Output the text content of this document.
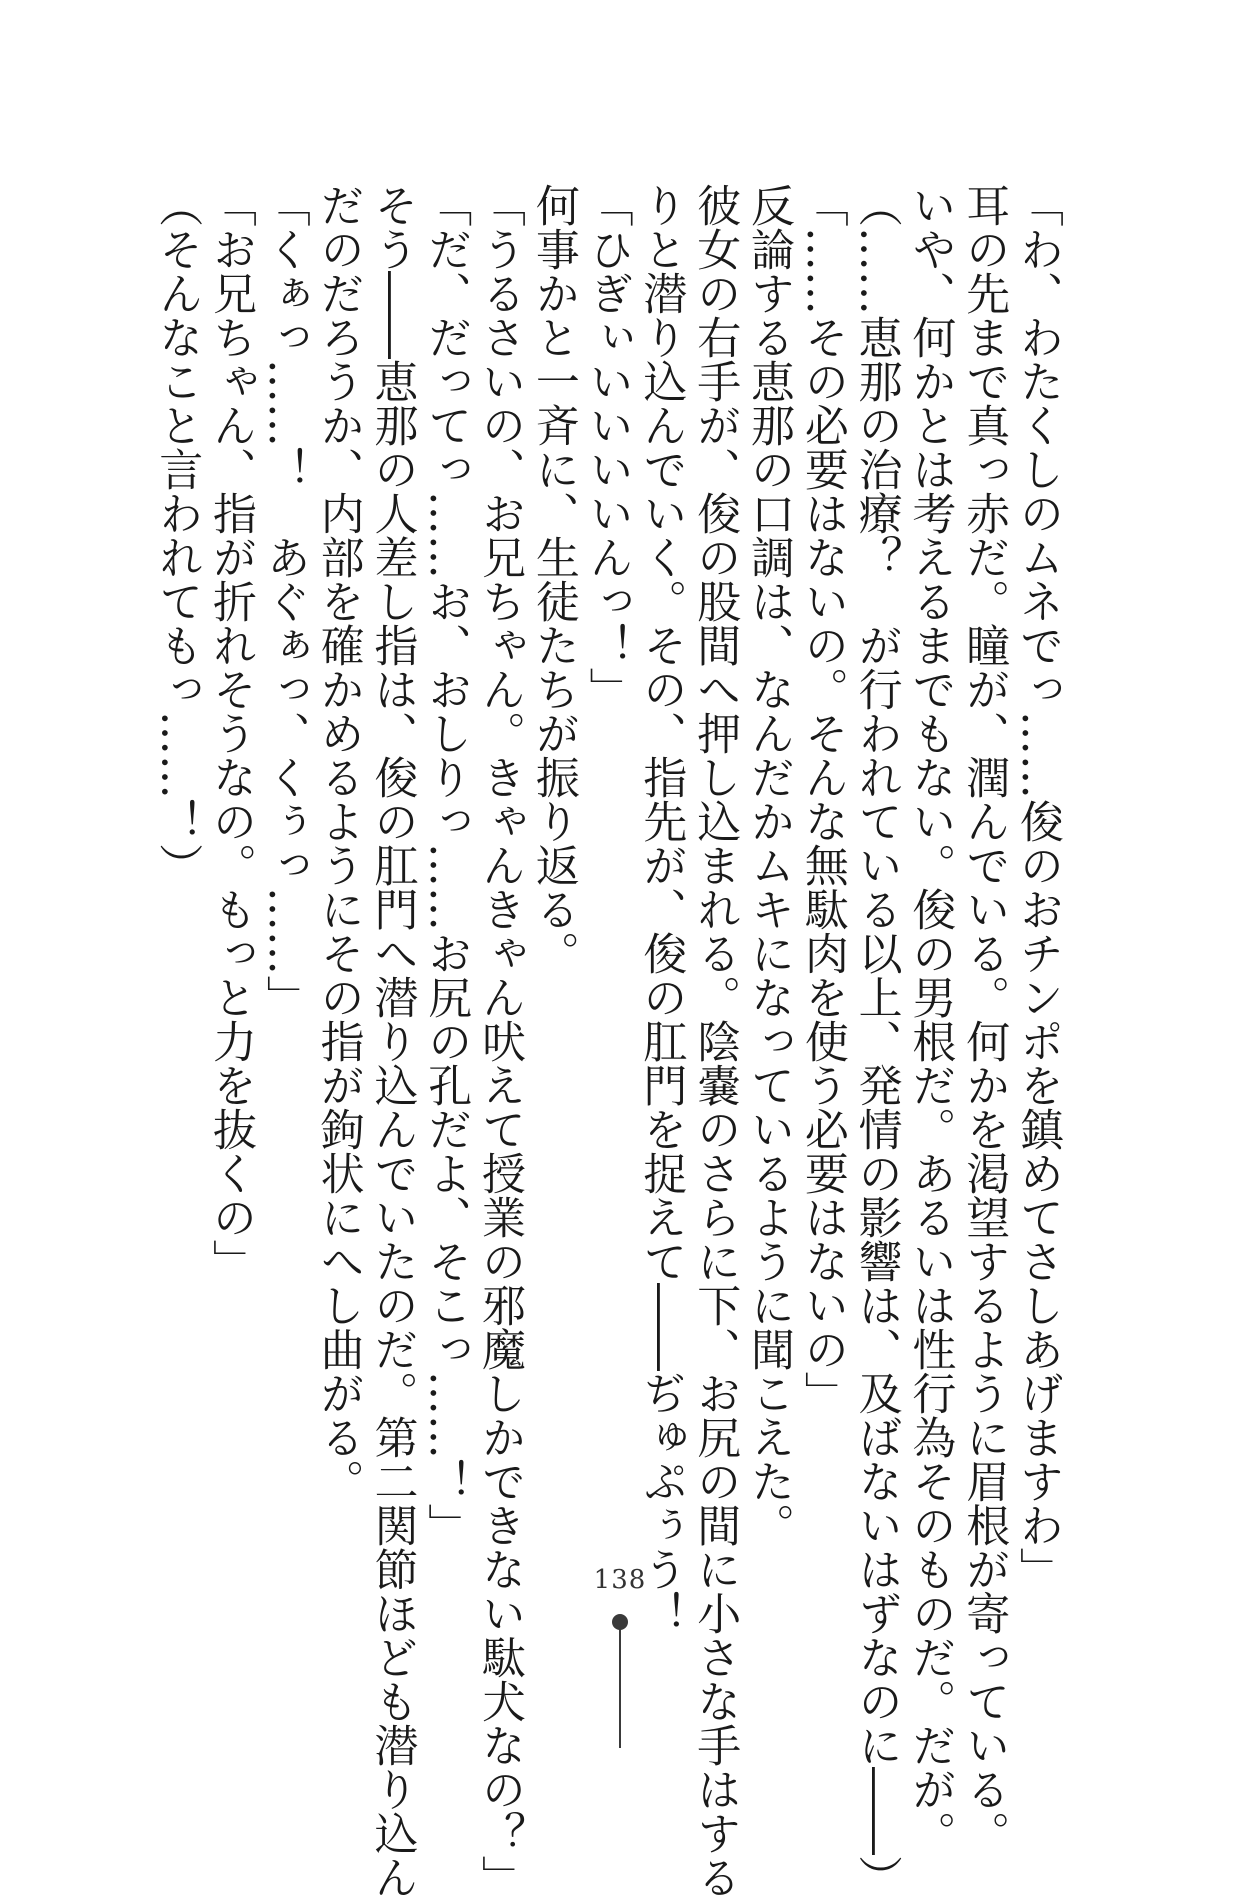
「わ、わたくしのムネでっ……俊のおチンポを鎮めてさしあげますわ」

耳の先まで真っ赤だ。瞳が、潤んでいる。何かを渇望するように眉根が寄っている。

いや、何かとは考えるまでもない。俊の男根だ。あるいは性行為そのものだ。だが。

（……恵那の治療？　が行われている以上、発情の影響は、及ばないはずなのに――）

「……その必要はないの。そんな無駄肉を使う必要はないの」

反論する恵那の口調は、なんだかムキになっているように聞こえた。

彼女の右手が、俊の股間へ押し込まれる。陰嚢のさらに下、お尻の間に小さな手はする

りと潜り込んでいく。その、指先が、俊の肛門を捉えて――ぢゅぷぅう！

「ひぎぃいいいいんっ！」

何事かと一斉に、生徒たちが振り返る。

「うるさいの、お兄ちゃん。きゃんきゃん吠えて授業の邪魔しかできない駄犬なの？」

「だ、だってっ……お、おしりっ……お尻の孔だよ、そこっ……！」

そう――恵那の人差し指は、俊の肛門へ潜り込んでいたのだ。第二関節ほども潜り込ん

だのだろうか、内部を確かめるようにその指が鉤状にへし曲がる。

「くぁっ……！　あぐぁっ、くぅっ……」

「お兄ちゃん、指が折れそうなの。もっと力を抜くの」

（そんなこと言われてもっ……！）

138
